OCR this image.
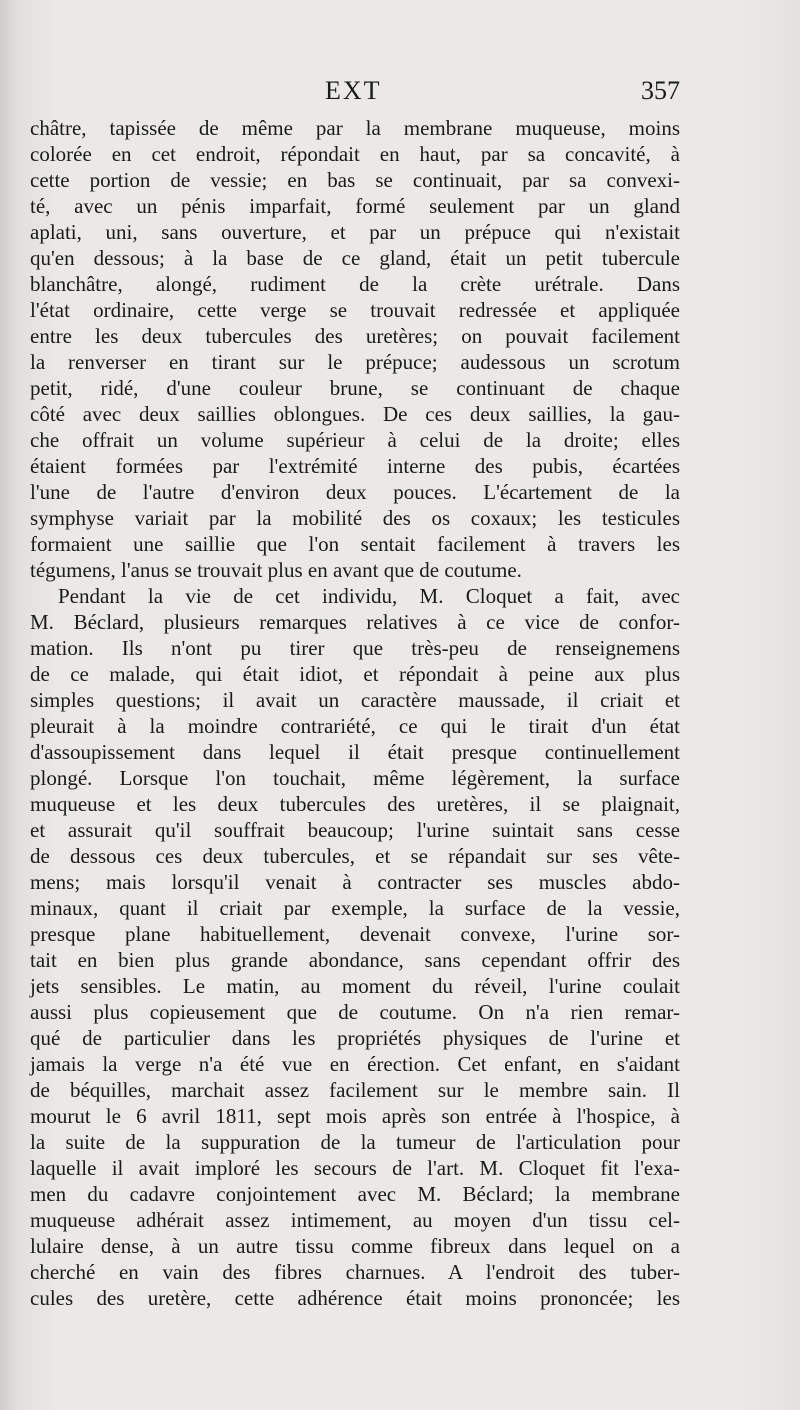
EXT	357
châtre, tapissée de même par la membrane muqueuse, moins
colorée en cet endroit, répondait en haut, par sa concavité, à
cette portion de vessie; en bas se continuait, par sa convexi-
té, avec un pénis imparfait, formé seulement par un gland
aplati, uni, sans ouverture, et par un prépuce qui n'existait
qu'en dessous; à la base de ce gland, était un petit tubercule
blanchâtre, alongé, rudiment de la crète urétrale. Dans
l'état ordinaire, cette verge se trouvait redressée et appliquée
entre les deux tubercules des uretères; on pouvait facilement
la renverser en tirant sur le prépuce; audessous un scrotum
petit, ridé, d'une couleur brune, se continuant de chaque
côté avec deux saillies oblongues. De ces deux saillies, la gau-
che offrait un volume supérieur à celui de la droite; elles
étaient formées par l'extrémité interne des pubis, écartées
l'une de l'autre d'environ deux pouces. L'écartement de la
symphyse variait par la mobilité des os coxaux; les testicules
formaient une saillie que l'on sentait facilement à travers les
tégumens, l'anus se trouvait plus en avant que de coutume.
Pendant la vie de cet individu, M. Cloquet a fait, avec
M. Béclard, plusieurs remarques relatives à ce vice de confor-
mation. Ils n'ont pu tirer que très-peu de renseignemens
de ce malade, qui était idiot, et répondait à peine aux plus
simples questions; il avait un caractère maussade, il criait et
pleurait à la moindre contrariété, ce qui le tirait d'un état
d'assoupissement dans lequel il était presque continuellement
plongé. Lorsque l'on touchait, même légèrement, la surface
muqueuse et les deux tubercules des uretères, il se plaignait,
et assurait qu'il souffrait beaucoup; l'urine suintait sans cesse
de dessous ces deux tubercules, et se répandait sur ses vête-
mens; mais lorsqu'il venait à contracter ses muscles abdo-
minaux, quant il criait par exemple, la surface de la vessie,
presque plane habituellement, devenait convexe, l'urine sor-
tait en bien plus grande abondance, sans cependant offrir des
jets sensibles. Le matin, au moment du réveil, l'urine coulait
aussi plus copieusement que de coutume. On n'a rien remar-
qué de particulier dans les propriétés physiques de l'urine et
jamais la verge n'a été vue en érection. Cet enfant, en s'aidant
de béquilles, marchait assez facilement sur le membre sain. Il
mourut le 6 avril 1811, sept mois après son entrée à l'hospice, à
la suite de la suppuration de la tumeur de l'articulation pour
laquelle il avait imploré les secours de l'art. M. Cloquet fit l'exa-
men du cadavre conjointement avec M. Béclard; la membrane
muqueuse adhérait assez intimement, au moyen d'un tissu cel-
lulaire dense, à un autre tissu comme fibreux dans lequel on a
cherché en vain des fibres charnues. A l'endroit des tuber-
cules des uretère, cette adhérence était moins prononcée; les
